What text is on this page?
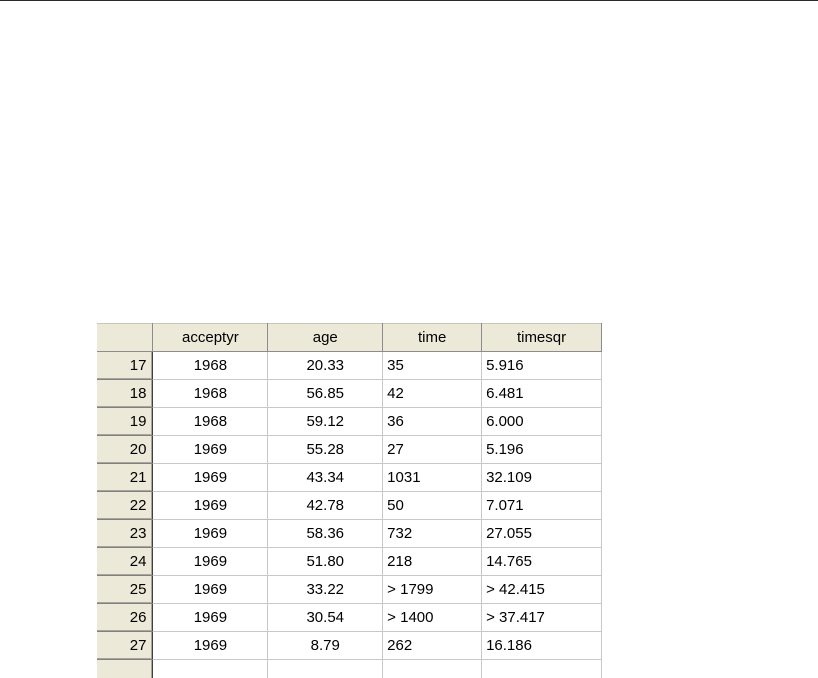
	acceptyr	age	time	timesqr
17	1968	20.33	35	5.916
18	1968	56.85	42	6.481
19	1968	59.12	36	6.000
20	1969	55.28	27	5.196
21	1969	43.34	1031	32.109
22	1969	42.78	50	7.071
23	1969	58.36	732	27.055
24	1969	51.80	218	14.765
25	1969	33.22	> 1799	> 42.415
26	1969	30.54	> 1400	> 37.417
27	1969	8.79	262	16.186
